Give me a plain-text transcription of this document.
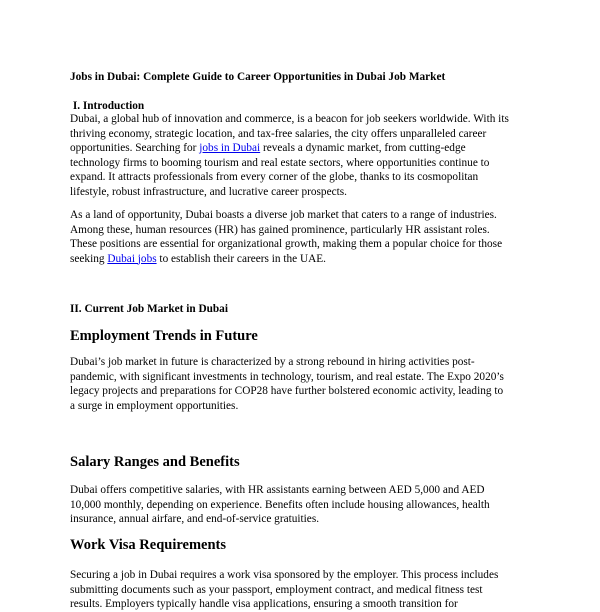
Jobs in Dubai: Complete Guide to Career Opportunities in Dubai Job Market
I. Introduction
Dubai, a global hub of innovation and commerce, is a beacon for job seekers worldwide. With its
thriving economy, strategic location, and tax-free salaries, the city offers unparalleled career
opportunities. Searching for jobs in Dubai reveals a dynamic market, from cutting-edge
technology firms to booming tourism and real estate sectors, where opportunities continue to
expand. It attracts professionals from every corner of the globe, thanks to its cosmopolitan
lifestyle, robust infrastructure, and lucrative career prospects.
As a land of opportunity, Dubai boasts a diverse job market that caters to a range of industries.
Among these, human resources (HR) has gained prominence, particularly HR assistant roles.
These positions are essential for organizational growth, making them a popular choice for those
seeking Dubai jobs to establish their careers in the UAE.
II. Current Job Market in Dubai
Employment Trends in Future
Dubai’s job market in future is characterized by a strong rebound in hiring activities post-
pandemic, with significant investments in technology, tourism, and real estate. The Expo 2020’s
legacy projects and preparations for COP28 have further bolstered economic activity, leading to
a surge in employment opportunities.
Salary Ranges and Benefits
Dubai offers competitive salaries, with HR assistants earning between AED 5,000 and AED
10,000 monthly, depending on experience. Benefits often include housing allowances, health
insurance, annual airfare, and end-of-service gratuities.
Work Visa Requirements
Securing a job in Dubai requires a work visa sponsored by the employer. This process includes
submitting documents such as your passport, employment contract, and medical fitness test
results. Employers typically handle visa applications, ensuring a smooth transition for
